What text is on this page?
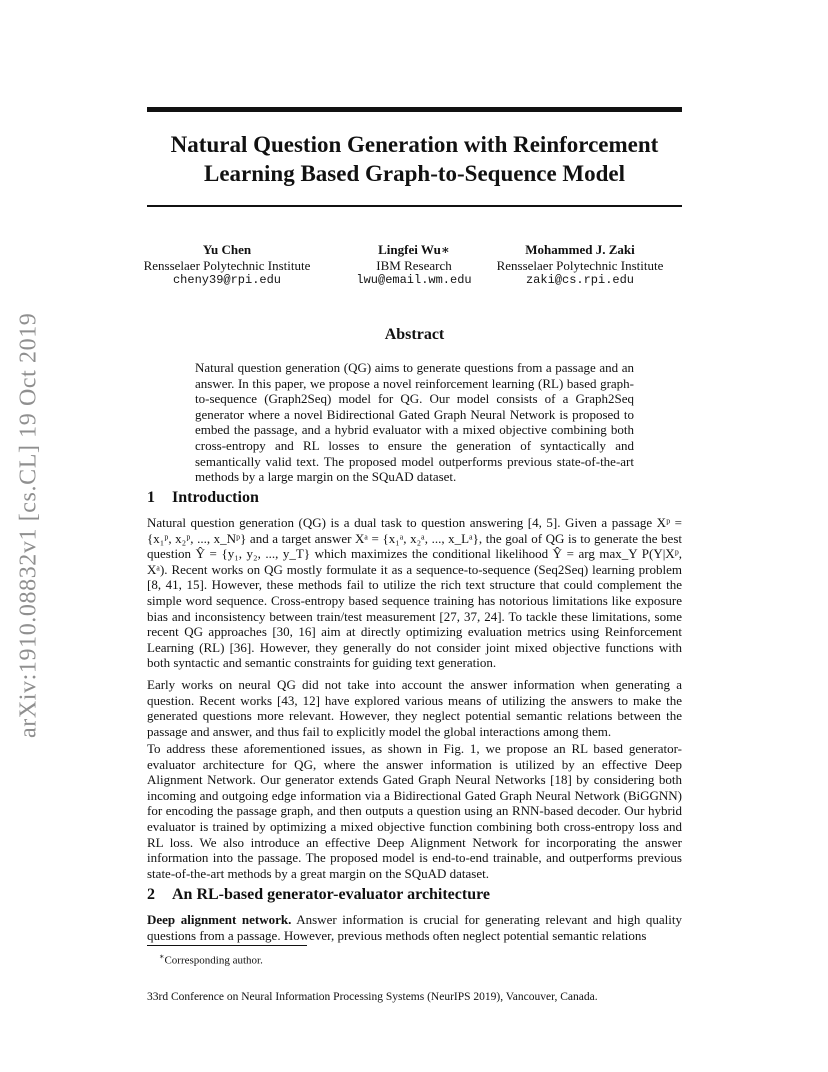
arXiv:1910.08832v1 [cs.CL] 19 Oct 2019
Natural Question Generation with Reinforcement
Learning Based Graph-to-Sequence Model
Yu Chen
Rensselaer Polytechnic Institute
cheny39@rpi.edu
Lingfei Wu∗
IBM Research
lwu@email.wm.edu
Mohammed J. Zaki
Rensselaer Polytechnic Institute
zaki@cs.rpi.edu
Abstract

Natural question generation (QG) aims to generate questions from a passage and an answer. In this paper, we propose a novel reinforcement learning (RL) based graph-to-sequence (Graph2Seq) model for QG. Our model consists of a Graph2Seq generator where a novel Bidirectional Gated Graph Neural Network is proposed to embed the passage, and a hybrid evaluator with a mixed objective combining both cross-entropy and RL losses to ensure the generation of syntactically and semantically valid text. The proposed model outperforms previous state-of-the-art methods by a large margin on the SQuAD dataset.

1 Introduction

Natural question generation (QG) is a dual task to question answering [4, 5]. Given a passage Xᵖ = {x₁ᵖ, x₂ᵖ, ..., x_Nᵖ} and a target answer Xᵃ = {x₁ᵃ, x₂ᵃ, ..., x_Lᵃ}, the goal of QG is to generate the best question Ŷ = {y₁, y₂, ..., y_T} which maximizes the conditional likelihood Ŷ = arg max_Y P(Y|Xᵖ, Xᵃ). Recent works on QG mostly formulate it as a sequence-to-sequence (Seq2Seq) learning problem [8, 41, 15]. However, these methods fail to utilize the rich text structure that could complement the simple word sequence. Cross-entropy based sequence training has notorious limitations like exposure bias and inconsistency between train/test measurement [27, 37, 24]. To tackle these limitations, some recent QG approaches [30, 16] aim at directly optimizing evaluation metrics using Reinforcement Learning (RL) [36]. However, they generally do not consider joint mixed objective functions with both syntactic and semantic constraints for guiding text generation.

Early works on neural QG did not take into account the answer information when generating a question. Recent works [43, 12] have explored various means of utilizing the answers to make the generated questions more relevant. However, they neglect potential semantic relations between the passage and answer, and thus fail to explicitly model the global interactions among them.

To address these aforementioned issues, as shown in Fig. 1, we propose an RL based generator-evaluator architecture for QG, where the answer information is utilized by an effective Deep Alignment Network. Our generator extends Gated Graph Neural Networks [18] by considering both incoming and outgoing edge information via a Bidirectional Gated Graph Neural Network (BiGGNN) for encoding the passage graph, and then outputs a question using an RNN-based decoder. Our hybrid evaluator is trained by optimizing a mixed objective function combining both cross-entropy loss and RL loss. We also introduce an effective Deep Alignment Network for incorporating the answer information into the passage. The proposed model is end-to-end trainable, and outperforms previous state-of-the-art methods by a great margin on the SQuAD dataset.

2 An RL-based generator-evaluator architecture

Deep alignment network. Answer information is crucial for generating relevant and high quality questions from a passage. However, previous methods often neglect potential semantic relations

∗Corresponding author.

33rd Conference on Neural Information Processing Systems (NeurIPS 2019), Vancouver, Canada.
